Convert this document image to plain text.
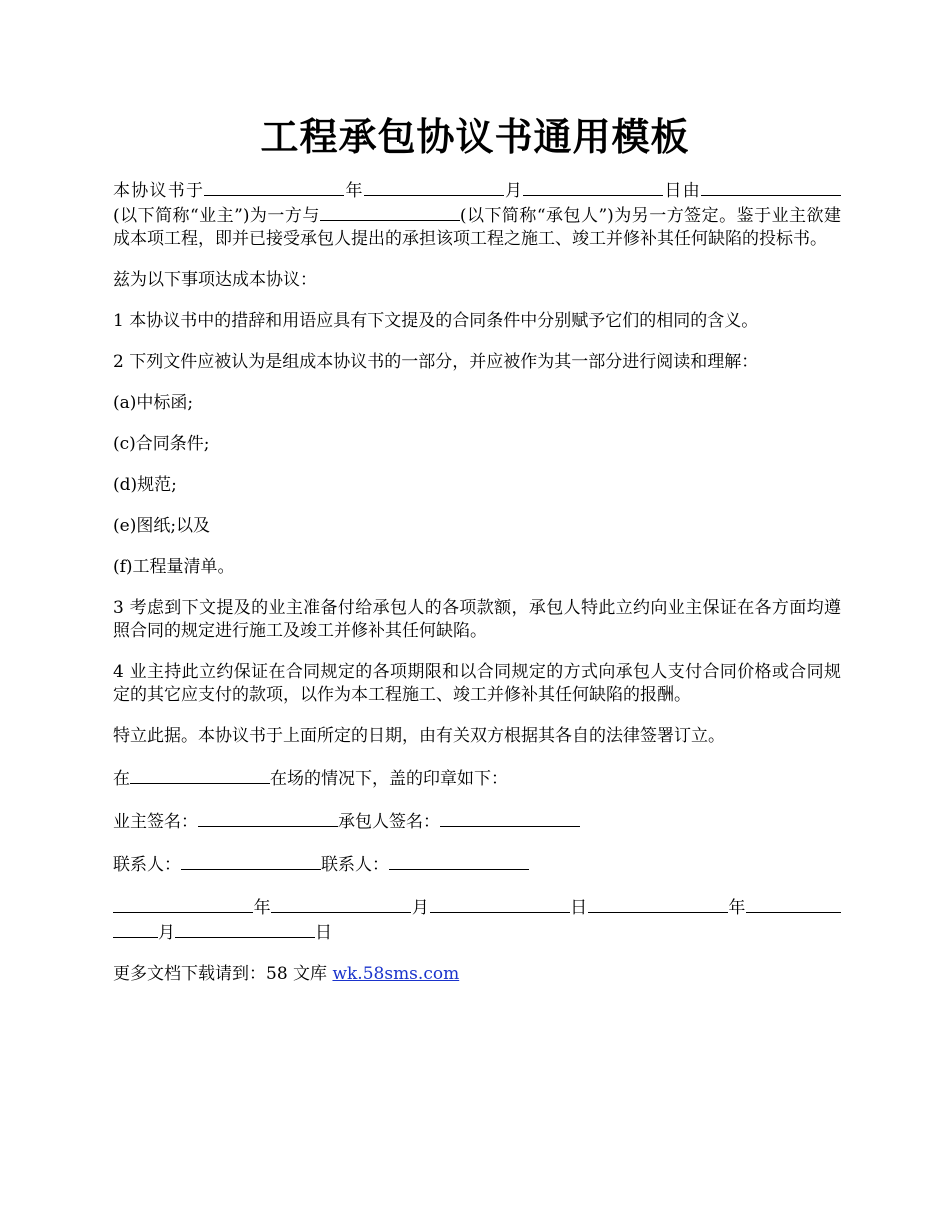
工程承包协议书通用模板

本协议书于	年	月	日由(以下简称“业主”)为一方与	(以下简称“承包人”)为另一方签定。鉴于业主欲建成本项工程，即并已接受承包人提出的承担该项工程之施工、竣工并修补其任何缺陷的投标书。

兹为以下事项达成本协议：

1 本协议书中的措辞和用语应具有下文提及的合同条件中分别赋予它们的相同的含义。

2 下列文件应被认为是组成本协议书的一部分，并应被作为其一部分进行阅读和理解：

(a)中标函;

(c)合同条件;

(d)规范;

(e)图纸;以及

(f)工程量清单。

3 考虑到下文提及的业主准备付给承包人的各项款额，承包人特此立约向业主保证在各方面均遵照合同的规定进行施工及竣工并修补其任何缺陷。

4 业主持此立约保证在合同规定的各项期限和以合同规定的方式向承包人支付合同价格或合同规定的其它应支付的款项，以作为本工程施工、竣工并修补其任何缺陷的报酬。

特立此据。本协议书于上面所定的日期，由有关双方根据其各自的法律签署订立。

在	在场的情况下，盖的印章如下：

业主签名：	承包人签名：

联系人：	联系人：

年	月	日	年月	日

更多文档下载请到：58 文库 wk.58sms.com
